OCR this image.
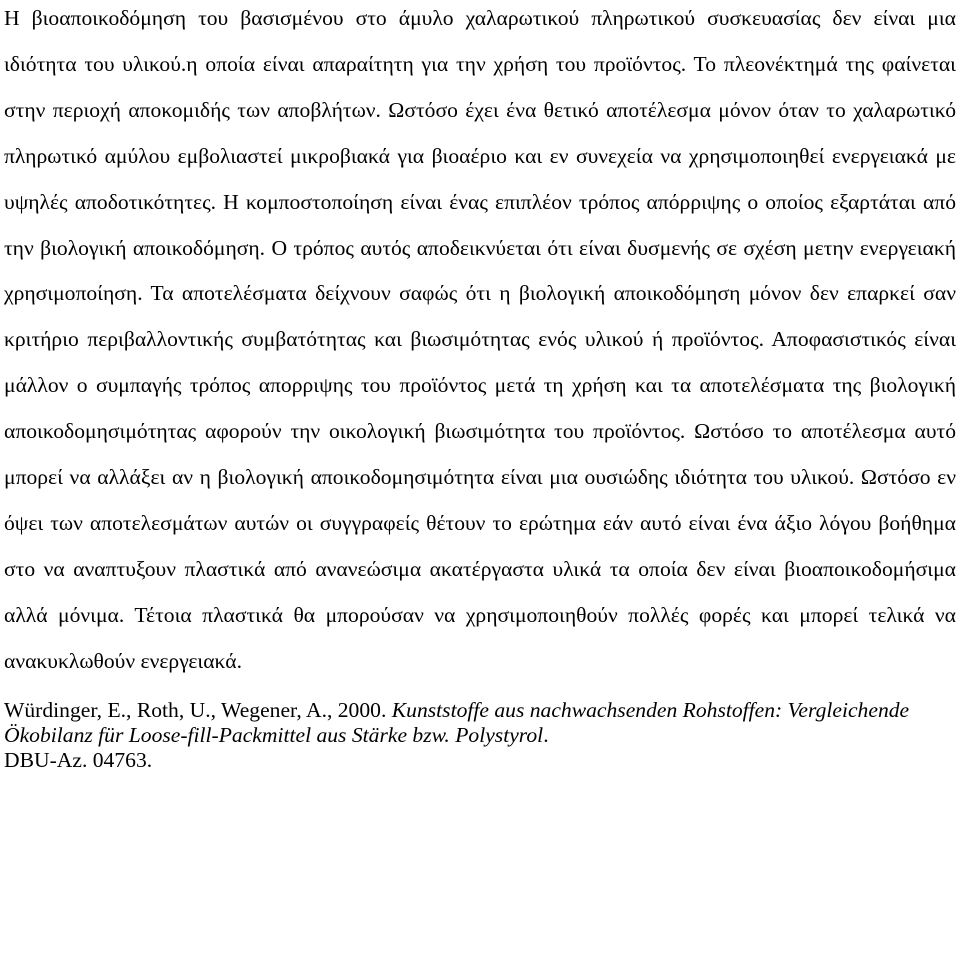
Η βιοαποικοδόμηση του βασισμένου στο άμυλο χαλαρωτικού πληρωτικού συσκευασίας δεν είναι μια ιδιότητα του υλικού.η οποία είναι απαραίτητη για την χρήση του προϊόντος. Το πλεονέκτημά της φαίνεται στην περιοχή αποκομιδής των αποβλήτων. Ωστόσο έχει ένα θετικό αποτέλεσμα μόνον όταν το χαλαρωτικό πληρωτικό αμύλου εμβολιαστεί μικροβιακά για βιοαέριο και εν συνεχεία να χρησιμοποιηθεί ενεργειακά με υψηλές αποδοτικότητες. Η κομποστοποίηση είναι ένας επιπλέον τρόπος απόρριψης ο οποίος εξαρτάται από την βιολογική αποικοδόμηση. Ο τρόπος αυτός αποδεικνύεται ότι είναι δυσμενής σε σχέση μετην ενεργειακή χρησιμοποίηση. Τα αποτελέσματα δείχνουν σαφώς ότι η βιολογική αποικοδόμηση μόνον δεν επαρκεί σαν κριτήριο περιβαλλοντικής συμβατότητας και βιωσιμότητας ενός υλικού ή προϊόντος. Αποφασιστικός είναι μάλλον ο συμπαγής τρόπος απορριψης του προϊόντος μετά τη χρήση και τα αποτελέσματα της βιολογική αποικοδομησιμότητας αφορούν την οικολογική βιωσιμότητα του προϊόντος. Ωστόσο το αποτέλεσμα αυτό μπορεί να αλλάξει αν η βιολογική αποικοδομησιμότητα είναι μια ουσιώδης ιδιότητα του υλικού. Ωστόσο εν όψει των αποτελεσμάτων αυτών οι συγγραφείς θέτουν το ερώτημα εάν αυτό είναι ένα άξιο λόγου βοήθημα στο να αναπτυξουν πλαστικά από ανανεώσιμα ακατέργαστα υλικά τα οποία δεν είναι βιοαποικοδομήσιμα αλλά μόνιμα. Τέτοια πλαστικά θα μπορούσαν να χρησιμοποιηθούν πολλές φορές και μπορεί τελικά να ανακυκλωθούν ενεργειακά.

Würdinger, E., Roth, U., Wegener, A., 2000. Kunststoffe aus nachwachsenden Rohstoffen: Vergleichende Ökobilanz für Loose-fill-Packmittel aus Stärke bzw. Polystyrol.
DBU-Az. 04763.
